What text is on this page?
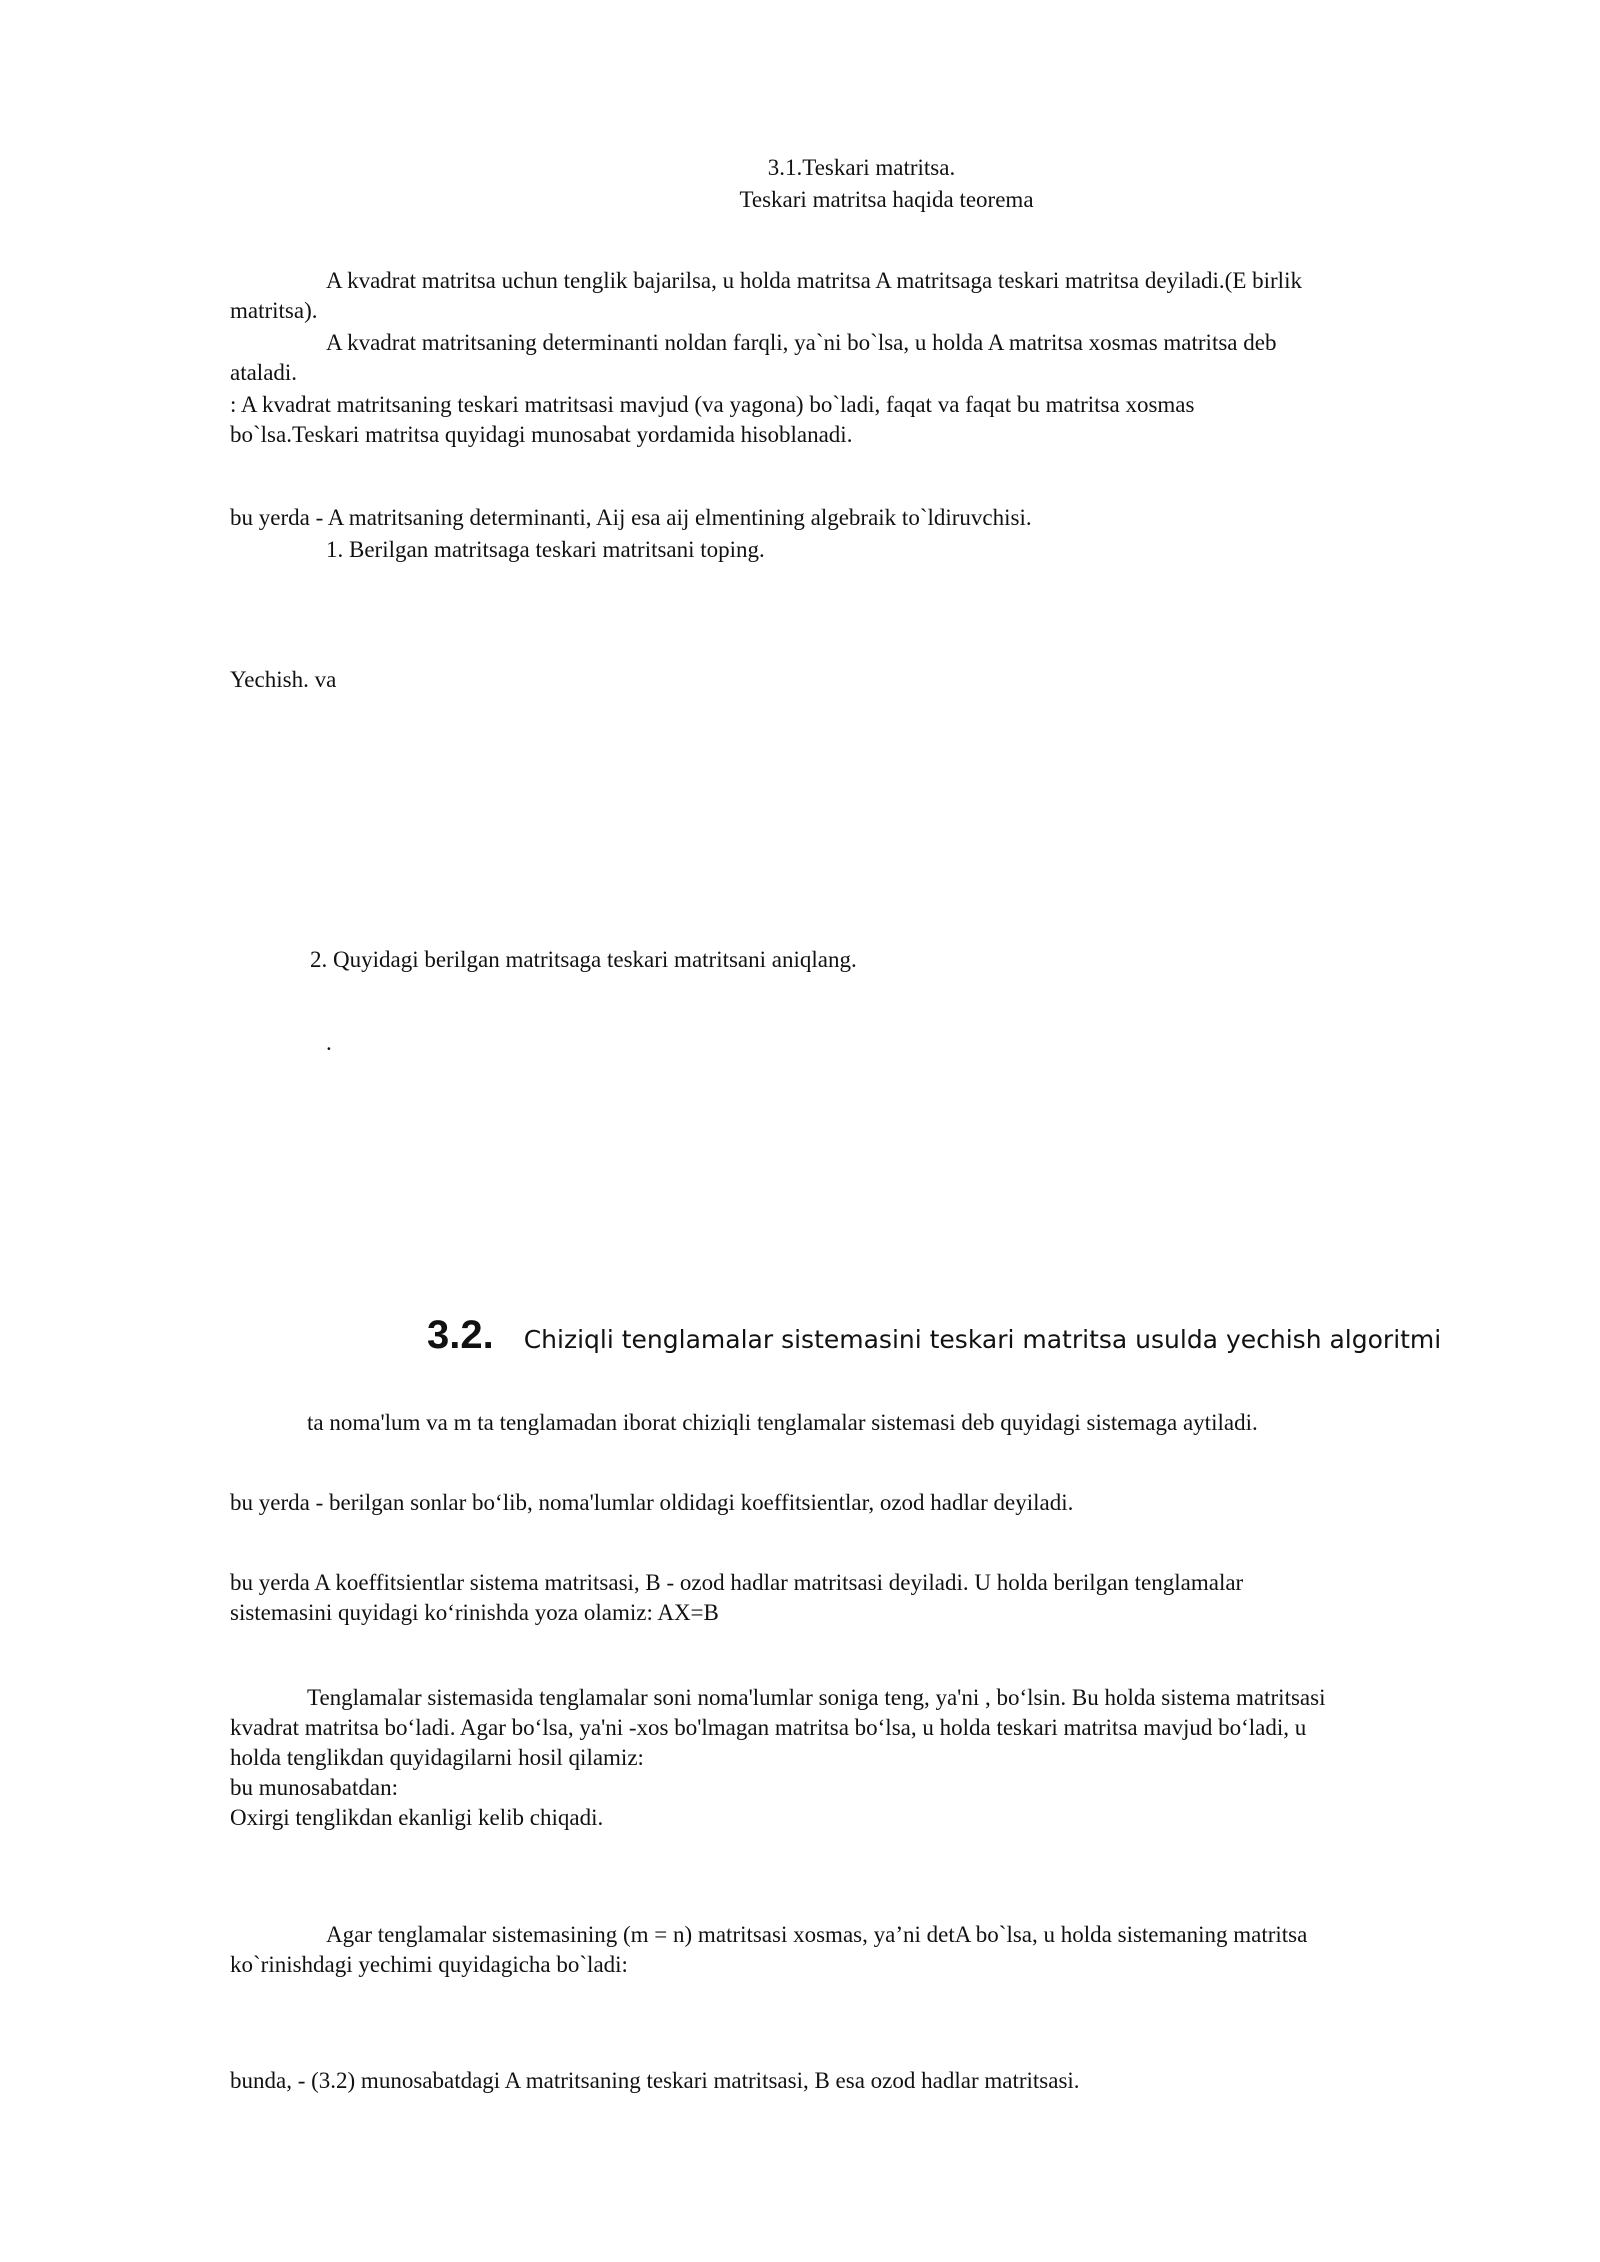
3.1.Teskari matritsa.
Teskari matritsa haqida teorema

A kvadrat matritsa uchun tenglik bajarilsa, u holda matritsa A matritsaga teskari matritsa deyiladi.(E birlik

matritsa).

A kvadrat matritsaning determinanti noldan farqli, ya`ni bo`lsa, u holda A matritsa xosmas matritsa deb

ataladi.

: A kvadrat matritsaning teskari matritsasi mavjud (va yagona) bo`ladi, faqat va faqat bu matritsa xosmas

bo`lsa.Teskari matritsa quyidagi munosabat yordamida hisoblanadi.

bu yerda - A matritsaning determinanti, Aij esa aij elmentining algebraik to`ldiruvchisi.
1. Berilgan matritsaga teskari matritsani toping.
Yechish. va
2. Quyidagi berilgan matritsaga teskari matritsani aniqlang.
.
3.2. Chiziqli tenglamalar sistemasini teskari matritsa usulda yechish algoritmi
ta noma'lum va m ta tenglamadan iborat chiziqli tenglamalar sistemasi deb quyidagi sistemaga aytiladi.
bu yerda - berilgan sonlar bo‘lib, noma'lumlar oldidagi koeffitsientlar, ozod hadlar deyiladi.

bu yerda A koeffitsientlar sistema matritsasi, B - ozod hadlar matritsasi deyiladi. U holda berilgan tenglamalar

sistemasini quyidagi ko‘rinishda yoza olamiz: AX=B

Tenglamalar sistemasida tenglamalar soni noma'lumlar soniga teng, ya'ni , bo‘lsin. Bu holda sistema matritsasi

kvadrat matritsa bo‘ladi. Agar bo‘lsa, ya'ni -xos bo'lmagan matritsa bo‘lsa, u holda teskari matritsa mavjud bo‘ladi, u

holda tenglikdan quyidagilarni hosil qilamiz:

bu munosabatdan:

Oxirgi tenglikdan ekanligi kelib chiqadi.

Agar tenglamalar sistemasining (m = n) matritsasi xosmas, ya’ni detA bo`lsa, u holda sistemaning matritsa

ko`rinishdagi yechimi quyidagicha bo`ladi:

bunda, - (3.2) munosabatdagi A matritsaning teskari matritsasi, B esa ozod hadlar matritsasi.
